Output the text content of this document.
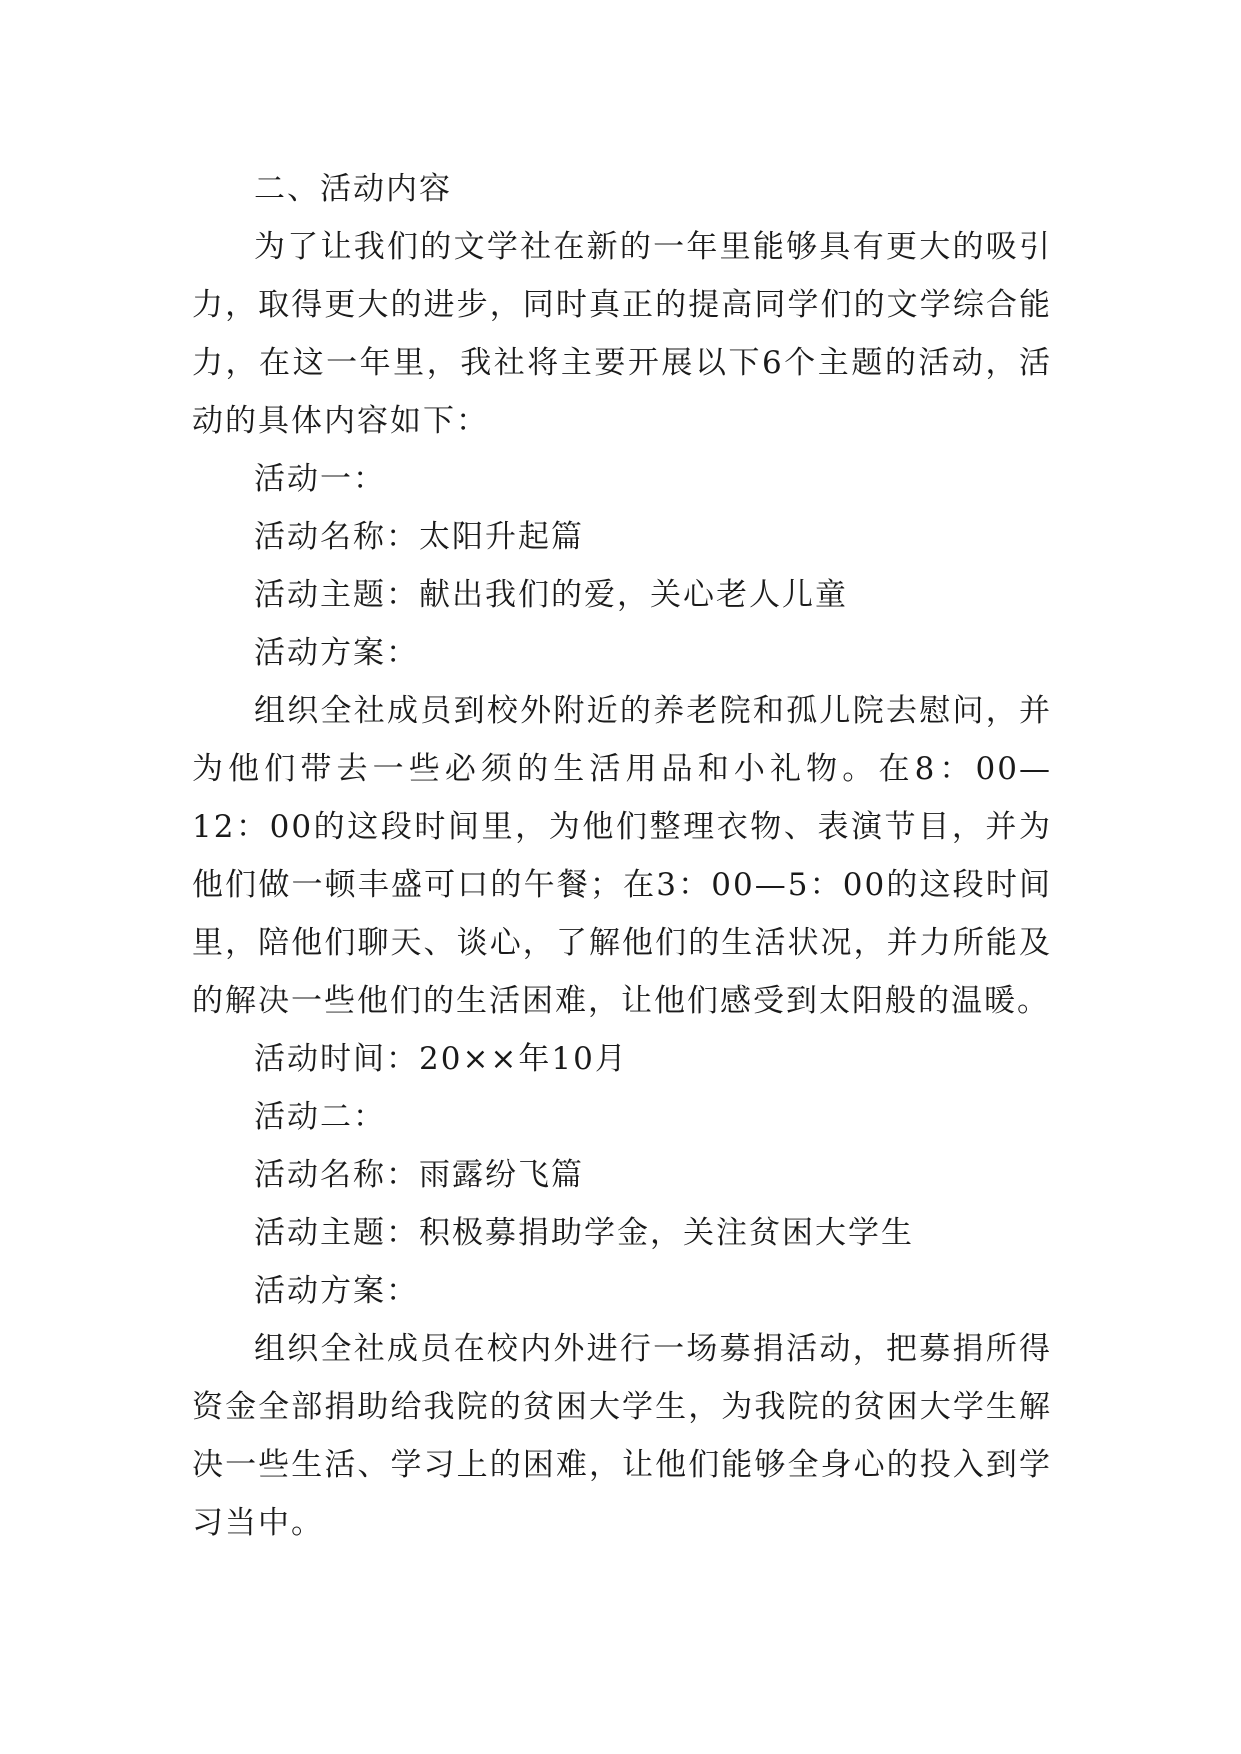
二、活动内容

为了让我们的文学社在新的一年里能够具有更大的吸引力，取得更大的进步，同时真正的提高同学们的文学综合能力，在这一年里，我社将主要开展以下6个主题的活动，活动的具体内容如下：

活动一：

活动名称：太阳升起篇

活动主题：献出我们的爱，关心老人儿童

活动方案：

组织全社成员到校外附近的养老院和孤儿院去慰问，并为他们带去一些必须的生活用品和小礼物。在8：00—12：00的这段时间里，为他们整理衣物、表演节目，并为他们做一顿丰盛可口的午餐；在3：00—5：00的这段时间里，陪他们聊天、谈心，了解他们的生活状况，并力所能及的解决一些他们的生活困难，让他们感受到太阳般的温暖。

活动时间：20××年10月

活动二：

活动名称：雨露纷飞篇

活动主题：积极募捐助学金，关注贫困大学生

活动方案：

组织全社成员在校内外进行一场募捐活动，把募捐所得资金全部捐助给我院的贫困大学生，为我院的贫困大学生解决一些生活、学习上的困难，让他们能够全身心的投入到学习当中。
